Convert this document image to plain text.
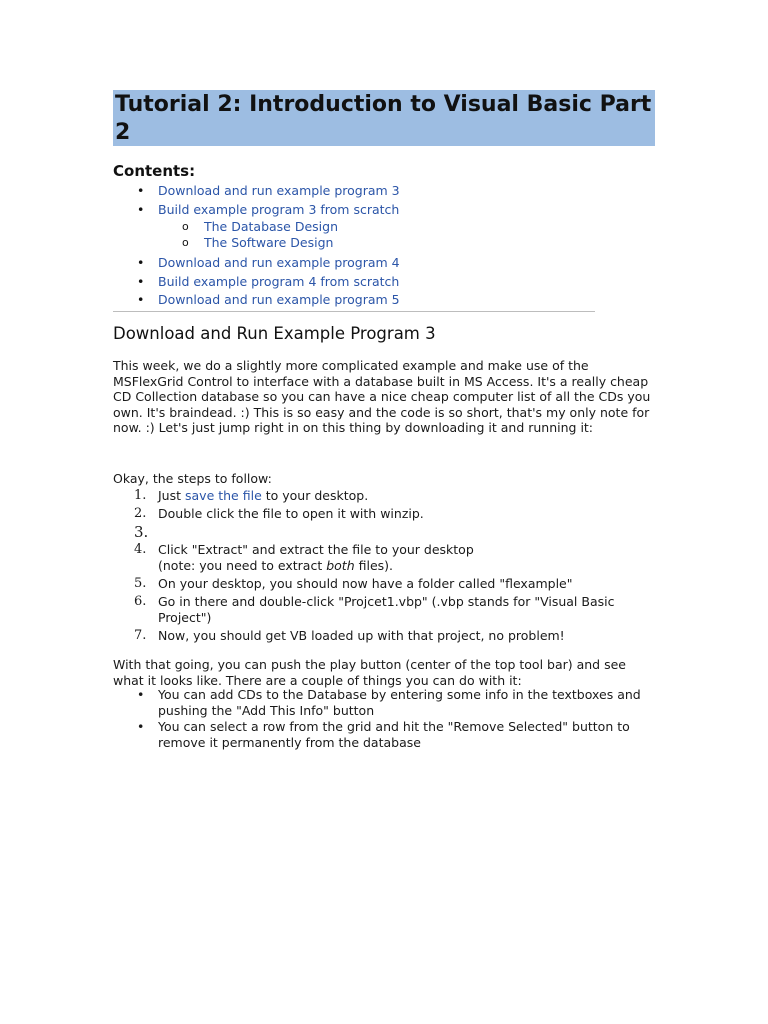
Tutorial 2: Introduction to Visual Basic Part 2
Contents:
• Download and run example program 3
• Build example program 3 from scratch
o The Database Design
o The Software Design
• Download and run example program 4
• Build example program 4 from scratch
• Download and run example program 5
Download and Run Example Program 3

This week, we do a slightly more complicated example and make use of the MSFlexGrid Control to interface with a database built in MS Access. It's a really cheap CD Collection database so you can have a nice cheap computer list of all the CDs you own. It's braindead. :) This is so easy and the code is so short, that's my only note for now. :) Let's just jump right in on this thing by downloading it and running it:

Okay, the steps to follow:

1. Just save the file to your desktop.
2. Double click the file to open it with winzip.
3.
4. Click "Extract" and extract the file to your desktop
(note: you need to extract both files).
5. On your desktop, you should now have a folder called "flexample"
6. Go in there and double-click "Projcet1.vbp" (.vbp stands for "Visual Basic Project")
7. Now, you should get VB loaded up with that project, no problem!

With that going, you can push the play button (center of the top tool bar) and see what it looks like. There are a couple of things you can do with it:

• You can add CDs to the Database by entering some info in the textboxes and pushing the "Add This Info" button
• You can select a row from the grid and hit the "Remove Selected" button to remove it permanently from the database
